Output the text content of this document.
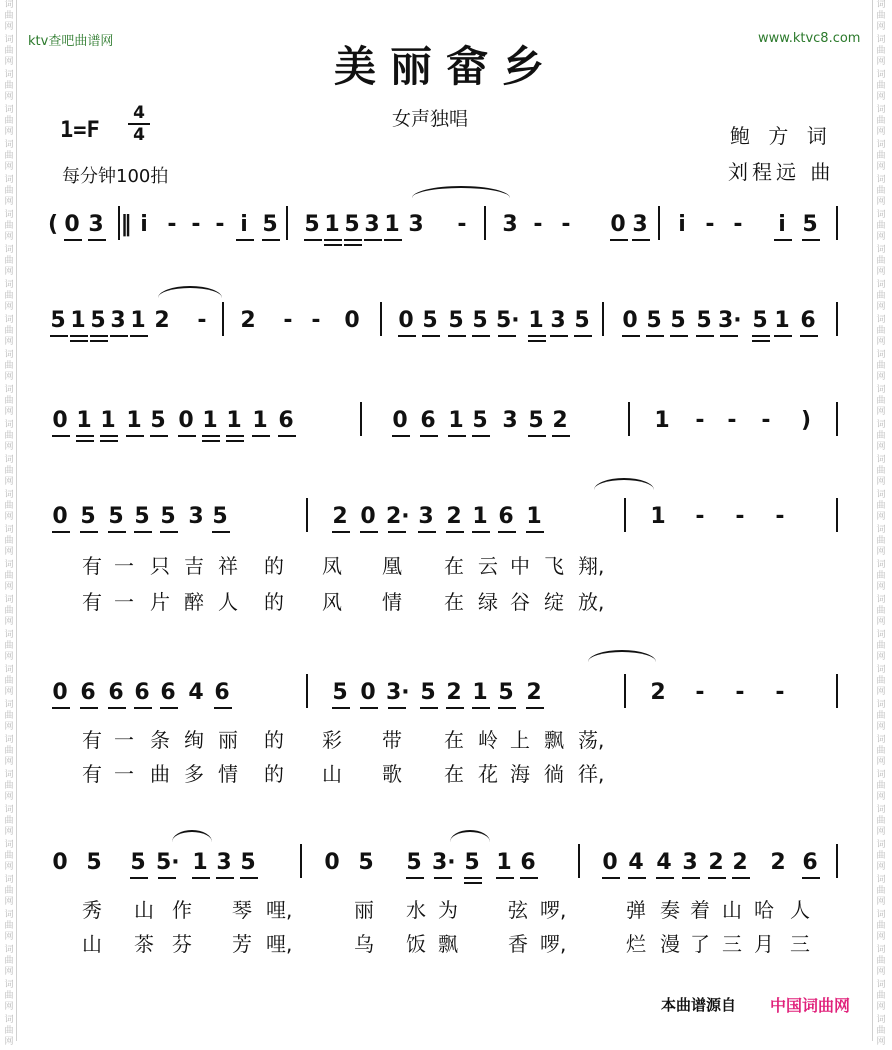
词
曲
网
词
曲
网
词
曲
网
词
曲
网
词
曲
网
词
曲
网
词
曲
网
词
曲
网
词
曲
网
词
曲
网
词
曲
网
词
曲
网
词
曲
网
词
曲
网
词
曲
网
词
曲
网
词
曲
网
词
曲
网
词
曲
网
词
曲
网
词
曲
网
词
曲
网
词
曲
网
词
曲
网
词
曲
网
词
曲
网
词
曲
网
词
曲
网
词
曲
网
词
曲
网
词
曲
网
词
曲
网
词
曲
网
词
曲
网
词
曲
网
词
曲
网
词
曲
网
词
曲
网
词
曲
网
词
曲
网
词
曲
网
词
曲
网
词
曲
网
词
曲
网
词
曲
网
词
曲
网
词
曲
网
词
曲
网
词
曲
网
词
曲
网
词
曲
网
词
曲
网
词
曲
网
词
曲
网
词
曲
网
词
曲
网
词
曲
网
词
曲
网
词
曲
网
词
曲
网
ktv查吧曲谱网	www.ktvc8.com
美丽畲乡
女声独唱
1=F
4
4
每分钟100拍
鲍 方 词
刘程远 曲
( 0 3 ‖ i - - - i 5 5 1 5 3 1 3 - 3 - - 0 3 i - - i 5
5 1 5 3 1 2 - 2 - - 0 0 5 5 5 5· 1 3 5 0 5 5 5 3· 5 1 6
0 1 1 1 5 0 1 1 1 6	0 6 1 5 3 5 2	1 - - - )
0 5 5 5 5 3 5	2 0 2· 3 2 1 6 1	1 - - -
0 6 6 6 6 4 6	5 0 3· 5 2 1 5 2	2 - - -
0 5 5 5· 1 3 5	0 5 5 3· 5 1 6	0 4 4 3 2 2 2 6
有 一 只 吉 祥 的 凤 凰 在 云 中 飞 翔,
有 一 片 醉 人 的 风 情 在 绿 谷 绽 放,
有 一 条 绚 丽 的 彩 带 在 岭 上 飘 荡,
有 一 曲 多 情 的 山 歌 在 花 海 徜 徉,
秀 山 作 琴 哩,	丽 水 为	弦 啰,	弹 奏 着 山 哈 人
山 茶 芬 芳 哩,	乌 饭 飘	香 啰,	烂 漫 了 三 月 三
本曲谱源自 中国词曲网
